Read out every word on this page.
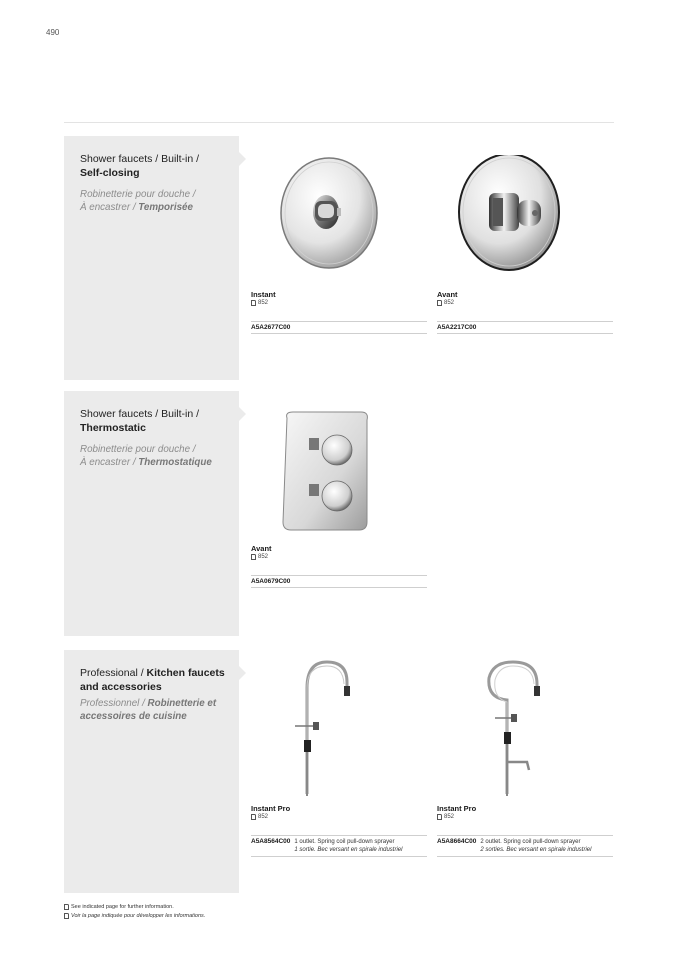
490
Shower faucets / Built-in /
Self-closing
Robinetterie pour douche /
À encastrer / Temporisée
Instant
852
A5A2677C00
Avant
852
A5A2217C00
Shower faucets / Built-in /
Thermostatic
Robinetterie pour douche /
À encastrer / Thermostatique
Avant
852
A5A0679C00
Professional / Kitchen faucets and accessories
Professionnel / Robinetterie et accessoires de cuisine
Instant Pro
852
A5A8564C00 1 outlet. Spring coil pull-down sprayer
1 sortie. Bec versant en spirale industriel
Instant Pro
852
A5A8664C00 2 outlet. Spring coil pull-down sprayer
2 sorties. Bec versant en spirale industriel
See indicated page for further information.
Voir la page indiquée pour développer les informations.
